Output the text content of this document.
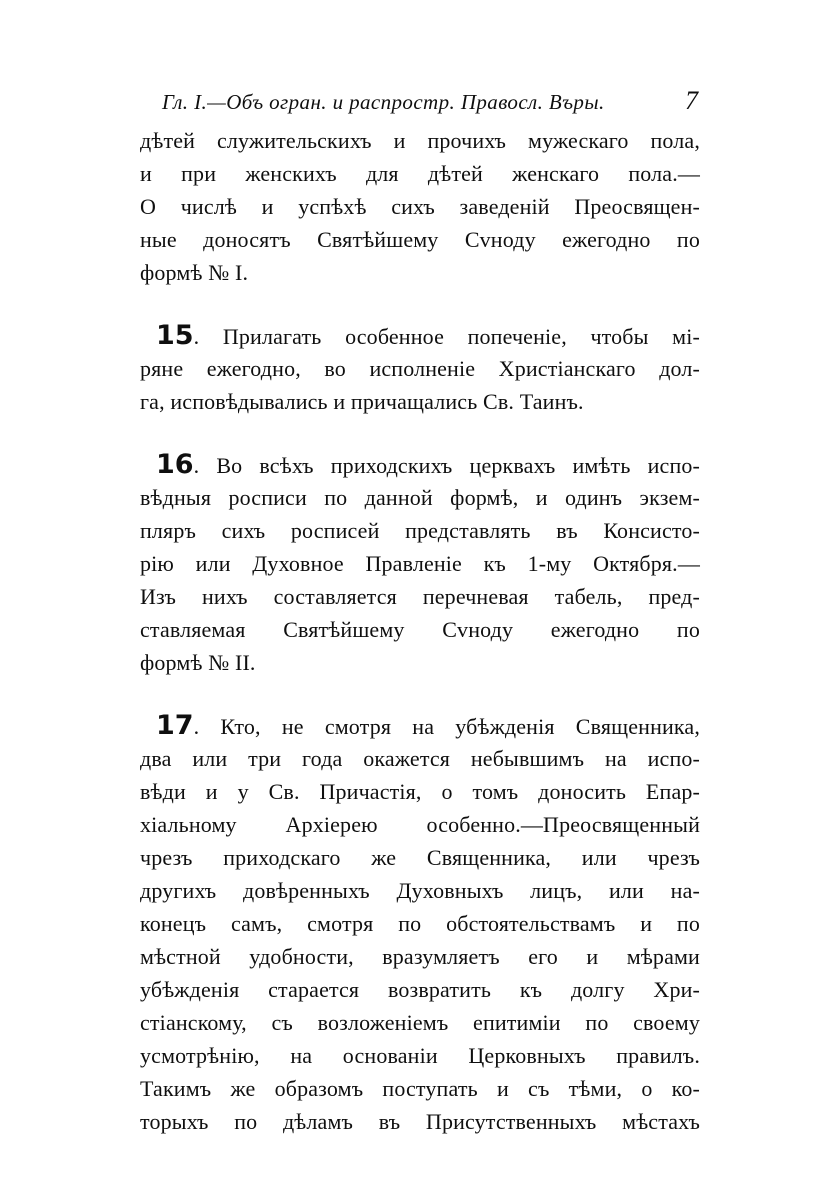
Гл. I.—Объ огран. и распростр. Правосл. Въры.	7
дѣтей служительскихъ и прочихъ мужескаго пола,
и при женскихъ для дѣтей женскаго пола.—
О числѣ и успѣхѣ сихъ заведеній Преосвящен-
ные доносятъ Святѣйшему Сvноду ежегодно по
формѣ № I.
15. Прилагать особенное попеченіе, чтобы мі-
ряне ежегодно, во исполненіе Христіанскаго дол-
га, исповѣдывались и причащались Св. Таинъ.
16. Во всѣхъ приходскихъ церквахъ имѣть испо-
вѣдныя росписи по данной формѣ, и одинъ экзем-
пляръ сихъ росписей представлять въ Консисто-
рію или Духовное Правленіе къ 1-му Октября.—
Изъ нихъ составляется перечневая табель, пред-
ставляемая Святѣйшему Сvноду ежегодно по
формѣ № II.
17. Кто, не смотря на убѣжденія Священника,
два или три года окажется небывшимъ на испо-
вѣди и у Св. Причастія, о томъ доносить Епар-
хіальному Архіерею особенно.—Преосвященный
чрезъ приходскаго же Священника, или чрезъ
другихъ довѣренныхъ Духовныхъ лицъ, или на-
конецъ самъ, смотря по обстоятельствамъ и по
мѣстной удобности, вразумляетъ его и мѣрами
убѣжденія старается возвратить къ долгу Хри-
стіанскому, съ возложеніемъ епитиміи по своему
усмотрѣнію, на основаніи Церковныхъ правилъ.
Такимъ же образомъ поступать и съ тѣми, о ко-
торыхъ по дѣламъ въ Присутственныхъ мѣстахъ
